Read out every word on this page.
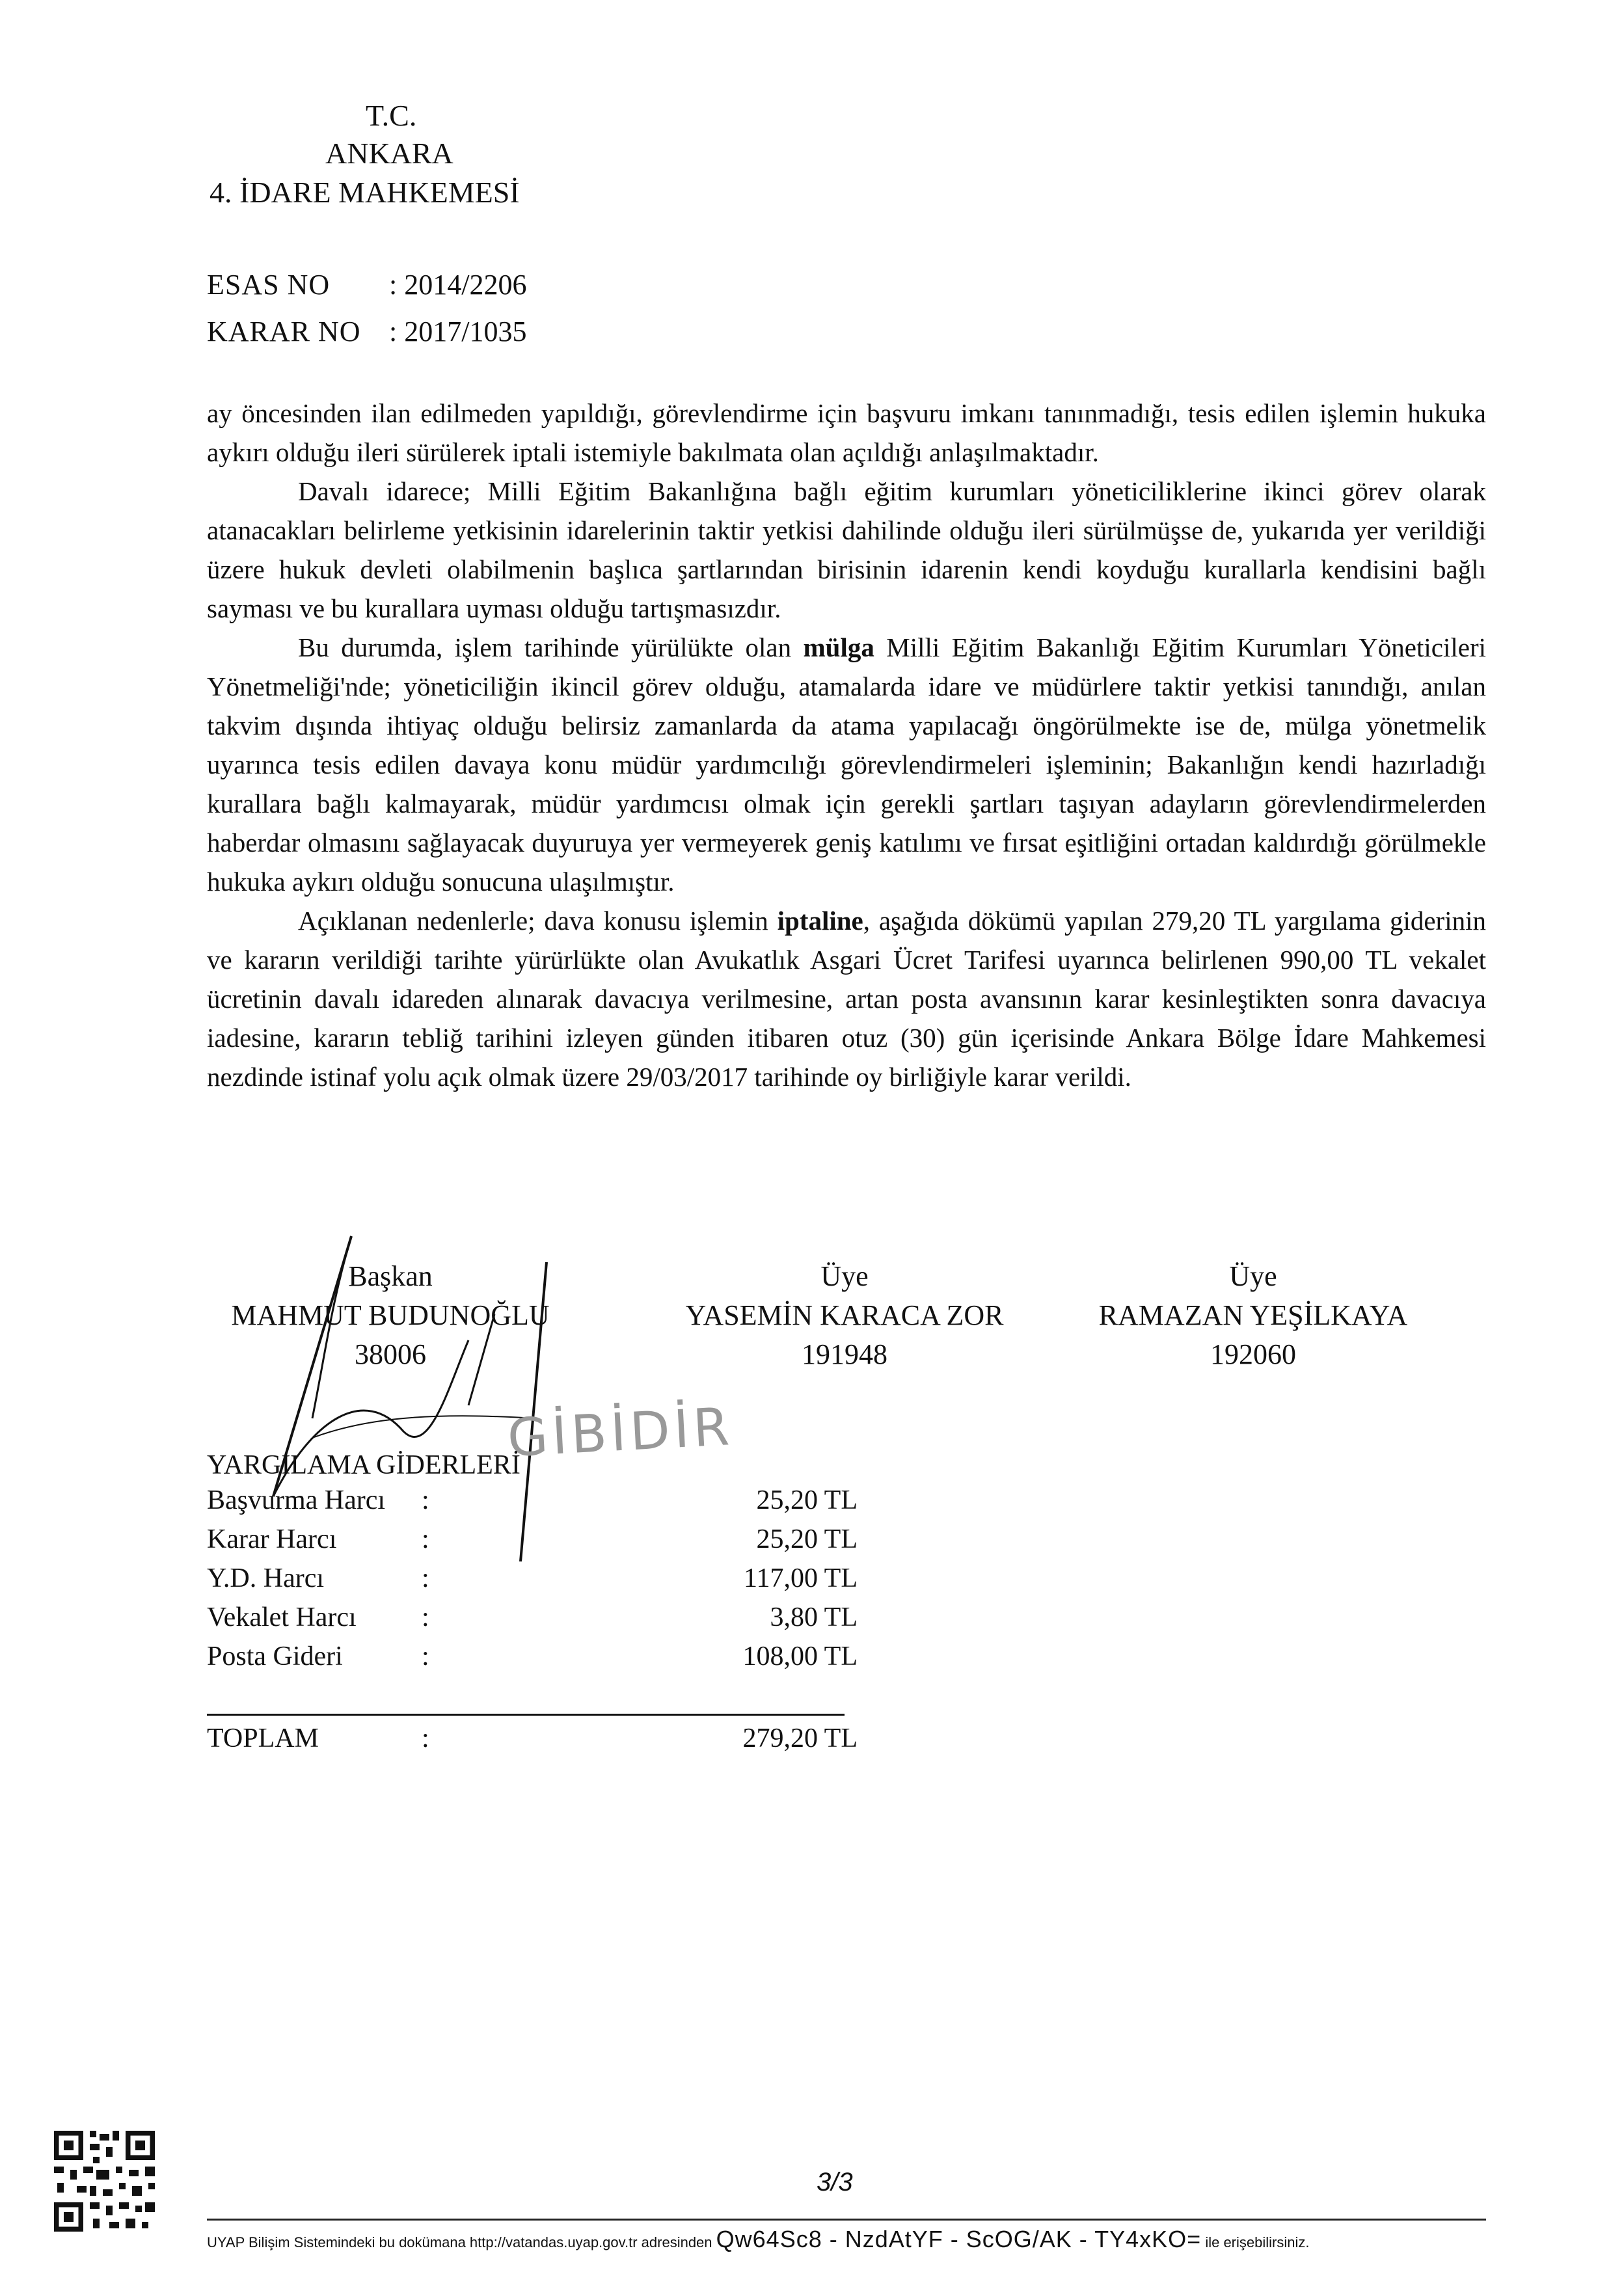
T.C.
ANKARA
4. İDARE MAHKEMESİ
ESAS NO : 2014/2206
KARAR NO : 2017/1035

ay öncesinden ilan edilmeden yapıldığı, görevlendirme için başvuru imkanı tanınmadığı, tesis edilen işlemin hukuka aykırı olduğu ileri sürülerek iptali istemiyle bakılmata olan açıldığı anlaşılmaktadır.

Davalı idarece; Milli Eğitim Bakanlığına bağlı eğitim kurumları yöneticiliklerine ikinci görev olarak atanacakları belirleme yetkisinin idarelerinin taktir yetkisi dahilinde olduğu ileri sürülmüşse de, yukarıda yer verildiği üzere hukuk devleti olabilmenin başlıca şartlarından birisinin idarenin kendi koyduğu kurallarla kendisini bağlı sayması ve bu kurallara uyması olduğu tartışmasızdır.

Bu durumda, işlem tarihinde yürülükte olan mülga Milli Eğitim Bakanlığı Eğitim Kurumları Yöneticileri Yönetmeliği'nde; yöneticiliğin ikincil görev olduğu, atamalarda idare ve müdürlere taktir yetkisi tanındığı, anılan takvim dışında ihtiyaç olduğu belirsiz zamanlarda da atama yapılacağı öngörülmekte ise de, mülga yönetmelik uyarınca tesis edilen davaya konu müdür yardımcılığı görevlendirmeleri işleminin; Bakanlığın kendi hazırladığı kurallara bağlı kalmayarak, müdür yardımcısı olmak için gerekli şartları taşıyan adayların görevlendirmelerden haberdar olmasını sağlayacak duyuruya yer vermeyerek geniş katılımı ve fırsat eşitliğini ortadan kaldırdığı görülmekle hukuka aykırı olduğu sonucuna ulaşılmıştır.

Açıklanan nedenlerle; dava konusu işlemin iptaline, aşağıda dökümü yapılan 279,20 TL yargılama giderinin ve kararın verildiği tarihte yürürlükte olan Avukatlık Asgari Ücret Tarifesi uyarınca belirlenen 990,00 TL vekalet ücretinin davalı idareden alınarak davacıya verilmesine, artan posta avansının karar kesinleştikten sonra davacıya iadesine, kararın tebliğ tarihini izleyen günden itibaren otuz (30) gün içerisinde Ankara Bölge İdare Mahkemesi nezdinde istinaf yolu açık olmak üzere 29/03/2017 tarihinde oy birliğiyle karar verildi.

Başkan
MAHMUT BUDUNOĞLU
38006
Üye
YASEMİN KARACA ZOR
191948
Üye
RAMAZAN YEŞİLKAYA
192060
GİBİDİR
YARGILAMA GİDERLERİ
Başvurma Harcı :	25,20 TL
Karar Harcı	:	25,20 TL
Y.D. Harcı	:	117,00 TL
Vekalet Harcı :	3,80 TL
Posta Gideri	:	108,00 TL
TOPLAM	:	279,20 TL
3/3
UYAP Bilişim Sistemindeki bu dokümana http://vatandas.uyap.gov.tr adresinden Qw64Sc8 - NzdAtYF - ScOG/AK - TY4xKO= ile erişebilirsiniz.
